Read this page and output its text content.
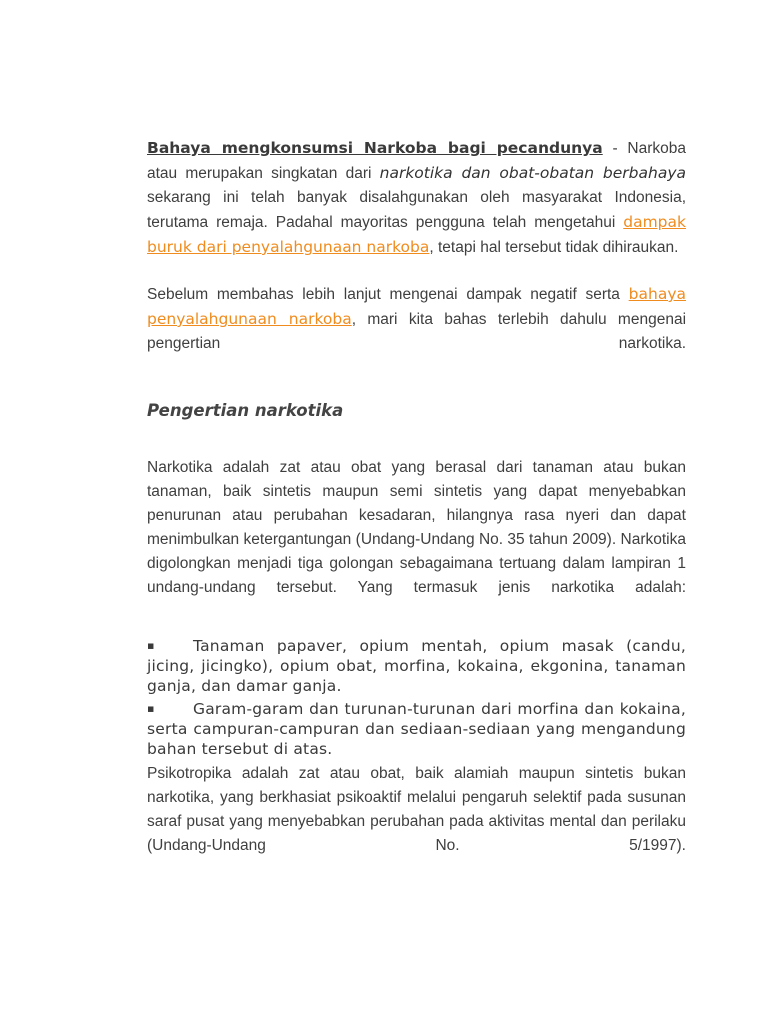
Bahaya mengkonsumsi Narkoba bagi pecandunya - Narkoba atau merupakan singkatan dari narkotika dan obat-obatan berbahaya sekarang ini telah banyak disalahgunakan oleh masyarakat Indonesia, terutama remaja. Padahal mayoritas pengguna telah mengetahui dampak buruk dari penyalahgunaan narkoba, tetapi hal tersebut tidak dihiraukan.

Sebelum membahas lebih lanjut mengenai dampak negatif serta bahaya penyalahgunaan narkoba, mari kita bahas terlebih dahulu mengenai pengertian narkotika.

Pengertian narkotika

Narkotika adalah zat atau obat yang berasal dari tanaman atau bukan tanaman, baik sintetis maupun semi sintetis yang dapat menyebabkan penurunan atau perubahan kesadaran, hilangnya rasa nyeri dan dapat menimbulkan ketergantungan (Undang-Undang No. 35 tahun 2009). Narkotika digolongkan menjadi tiga golongan sebagaimana tertuang dalam lampiran 1 undang-undang tersebut. Yang termasuk jenis narkotika adalah:

▪ Tanaman papaver, opium mentah, opium masak (candu, jicing, jicingko), opium obat, morfina, kokaina, ekgonina, tanaman ganja, dan damar ganja.
▪ Garam-garam dan turunan-turunan dari morfina dan kokaina, serta campuran-campuran dan sediaan-sediaan yang mengandung bahan tersebut di atas.

Psikotropika adalah zat atau obat, baik alamiah maupun sintetis bukan narkotika, yang berkhasiat psikoaktif melalui pengaruh selektif pada susunan saraf pusat yang menyebabkan perubahan pada aktivitas mental dan perilaku (Undang-Undang No. 5/1997).
